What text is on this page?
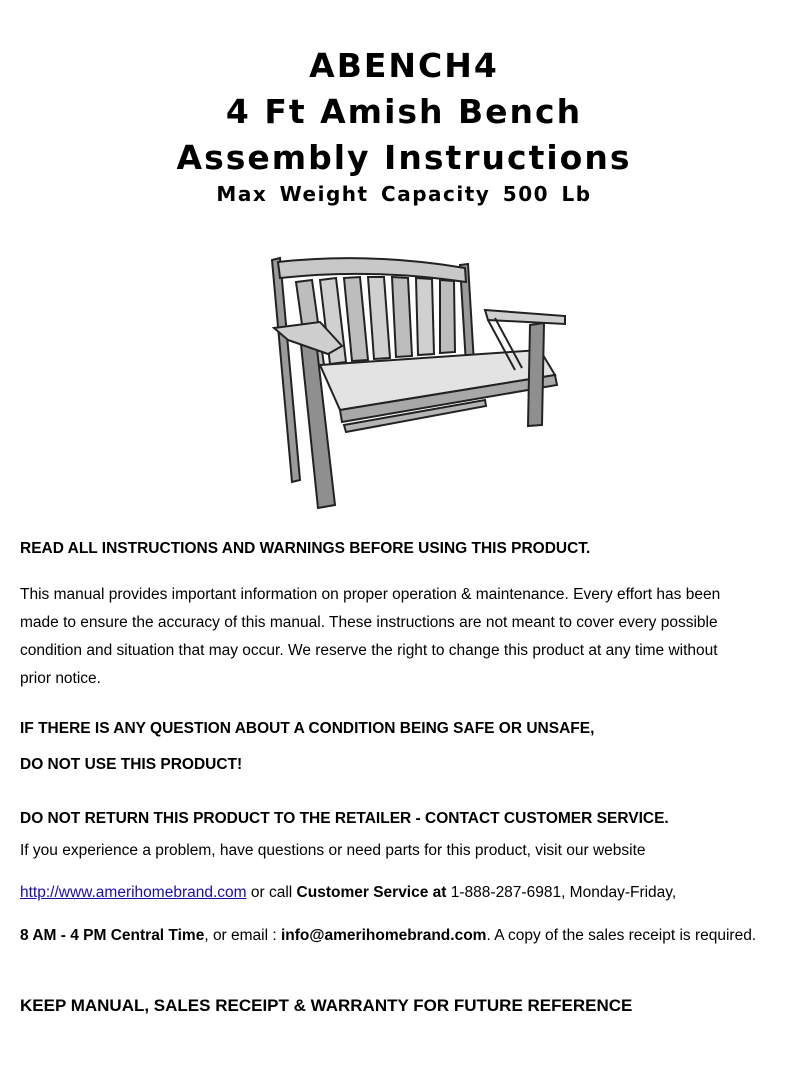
ABENCH4
4 Ft Amish Bench
Assembly Instructions
Max Weight Capacity 500 Lb
READ ALL INSTRUCTIONS AND WARNINGS BEFORE USING THIS PRODUCT.
This manual provides important information on proper operation & maintenance. Every effort has been
made to ensure the accuracy of this manual. These instructions are not meant to cover every possible
condition and situation that may occur. We reserve the right to change this product at any time without
prior notice.
IF THERE IS ANY QUESTION ABOUT A CONDITION BEING SAFE OR UNSAFE,
DO NOT USE THIS PRODUCT!
DO NOT RETURN THIS PRODUCT TO THE RETAILER - CONTACT CUSTOMER SERVICE.
If you experience a problem, have questions or need parts for this product, visit our website
http://www.amerihomebrand.com or call Customer Service at 1-888-287-6981, Monday-Friday,
8 AM - 4 PM Central Time, or email : info@amerihomebrand.com. A copy of the sales receipt is required.
KEEP MANUAL, SALES RECEIPT & WARRANTY FOR FUTURE REFERENCE
